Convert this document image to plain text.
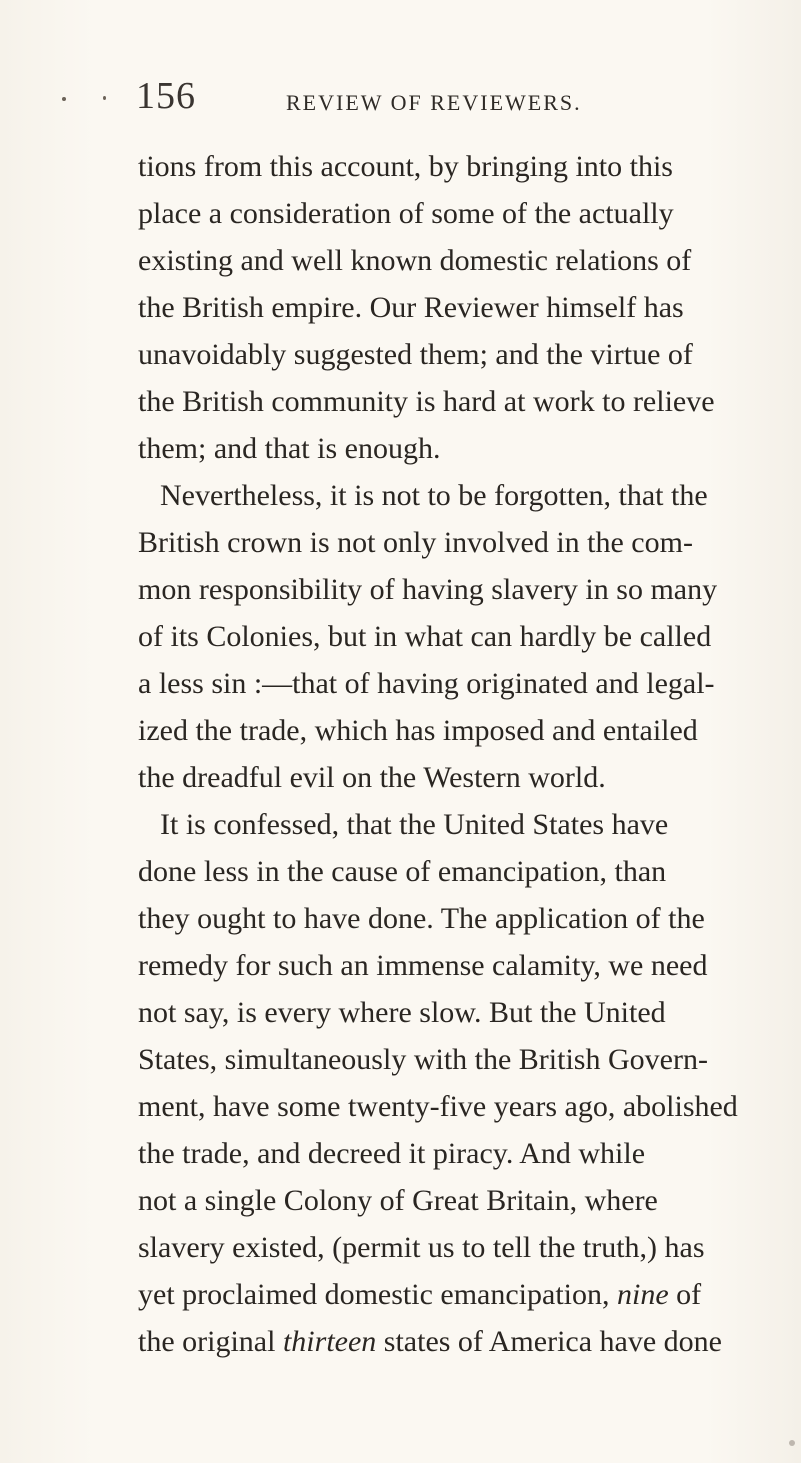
156	REVIEW OF REVIEWERS.
tions from this account, by bringing into this
place a consideration of some of the actually
existing and well known domestic relations of
the British empire. Our Reviewer himself has
unavoidably suggested them; and the virtue of
the British community is hard at work to relieve
them; and that is enough.
Nevertheless, it is not to be forgotten, that the
British crown is not only involved in the com-
mon responsibility of having slavery in so many
of its Colonies, but in what can hardly be called
a less sin :—that of having originated and legal-
ized the trade, which has imposed and entailed
the dreadful evil on the Western world.
It is confessed, that the United States have
done less in the cause of emancipation, than
they ought to have done. The application of the
remedy for such an immense calamity, we need
not say, is every where slow. But the United
States, simultaneously with the British Govern-
ment, have some twenty-five years ago, abolished
the trade, and decreed it piracy. And while
not a single Colony of Great Britain, where
slavery existed, (permit us to tell the truth,) has
yet proclaimed domestic emancipation, nine of
the original thirteen states of America have done
